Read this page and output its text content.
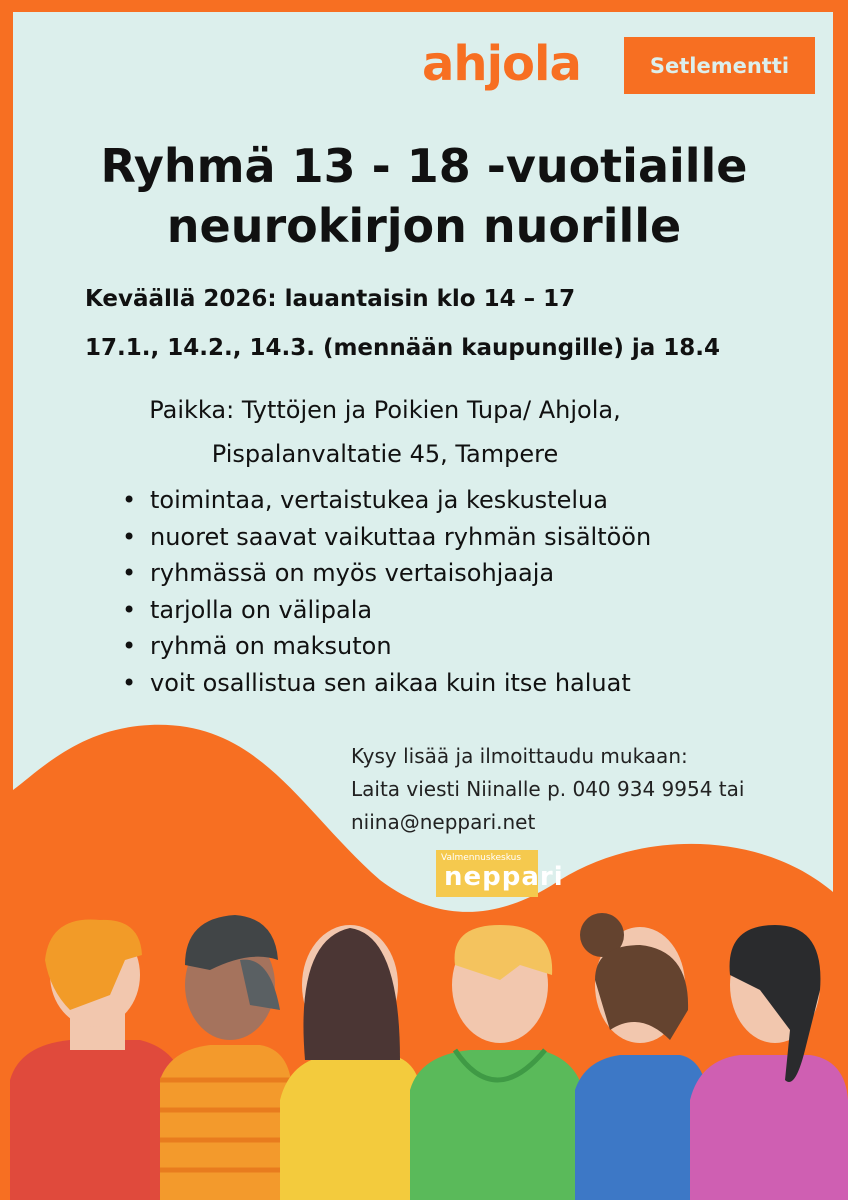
ahjola	Setlementti
Ryhmä 13 - 18 -vuotiaille
neurokirjon nuorille
Keväällä 2026: lauantaisin klo 14 – 17
17.1., 14.2., 14.3. (mennään kaupungille) ja 18.4
Paikka: Tyttöjen ja Poikien Tupa/ Ahjola,
Pispalanvaltatie 45, Tampere
• toimintaa, vertaistukea ja keskustelua
• nuoret saavat vaikuttaa ryhmän sisältöön
• ryhmässä on myös vertaisohjaaja
• tarjolla on välipala
• ryhmä on maksuton
• voit osallistua sen aikaa kuin itse haluat
Kysy lisää ja ilmoittaudu mukaan:
Laita viesti Niinalle p. 040 934 9954 tai
niina@neppari.net
Valmennuskeskus
neppari
